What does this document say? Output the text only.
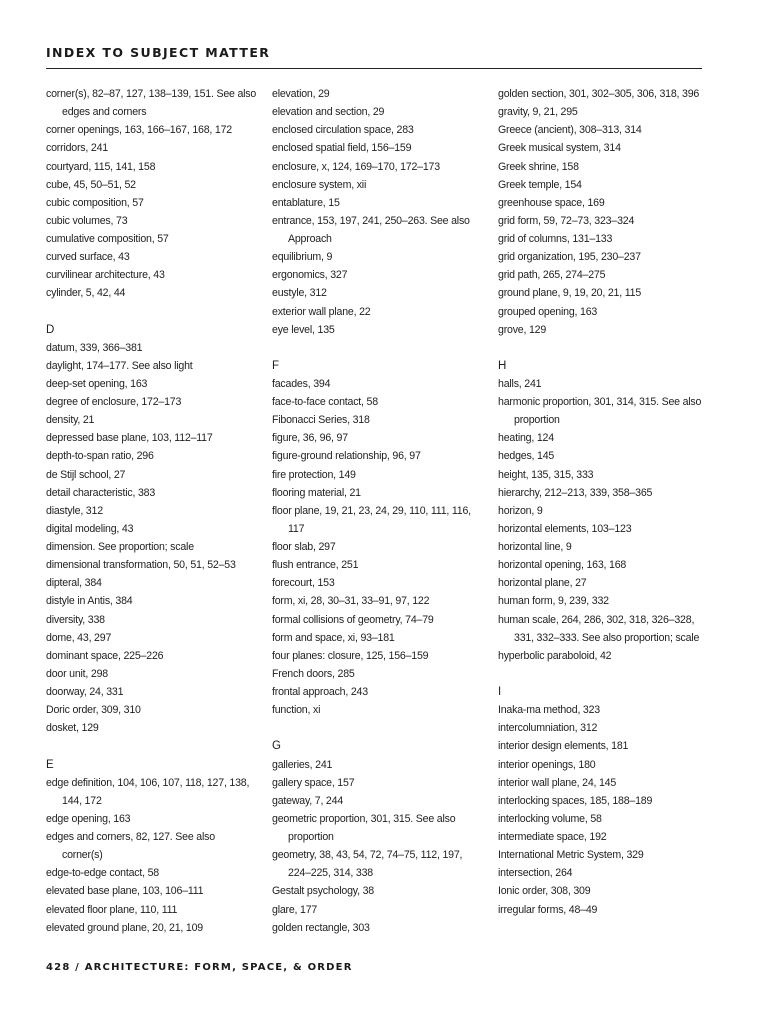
INDEX TO SUBJECT MATTER
corner(s), 82–87, 127, 138–139, 151. See also edges and corners
corner openings, 163, 166–167, 168, 172
corridors, 241
courtyard, 115, 141, 158
cube, 45, 50–51, 52
cubic composition, 57
cubic volumes, 73
cumulative composition, 57
curved surface, 43
curvilinear architecture, 43
cylinder, 5, 42, 44
D
datum, 339, 366–381
daylight, 174–177. See also light
deep-set opening, 163
degree of enclosure, 172–173
density, 21
depressed base plane, 103, 112–117
depth-to-span ratio, 296
de Stijl school, 27
detail characteristic, 383
diastyle, 312
digital modeling, 43
dimension. See proportion; scale
dimensional transformation, 50, 51, 52–53
dipteral, 384
distyle in Antis, 384
diversity, 338
dome, 43, 297
dominant space, 225–226
door unit, 298
doorway, 24, 331
Doric order, 309, 310
dosket, 129
E
edge definition, 104, 106, 107, 118, 127, 138, 144, 172
edge opening, 163
edges and corners, 82, 127. See also corner(s)
edge-to-edge contact, 58
elevated base plane, 103, 106–111
elevated floor plane, 110, 111
elevated ground plane, 20, 21, 109
elevation, 29
elevation and section, 29
enclosed circulation space, 283
enclosed spatial field, 156–159
enclosure, x, 124, 169–170, 172–173
enclosure system, xii
entablature, 15
entrance, 153, 197, 241, 250–263. See also Approach
equilibrium, 9
ergonomics, 327
eustyle, 312
exterior wall plane, 22
eye level, 135
F
facades, 394
face-to-face contact, 58
Fibonacci Series, 318
figure, 36, 96, 97
figure-ground relationship, 96, 97
fire protection, 149
flooring material, 21
floor plane, 19, 21, 23, 24, 29, 110, 111, 116, 117
floor slab, 297
flush entrance, 251
forecourt, 153
form, xi, 28, 30–31, 33–91, 97, 122
formal collisions of geometry, 74–79
form and space, xi, 93–181
four planes: closure, 125, 156–159
French doors, 285
frontal approach, 243
function, xi
G
galleries, 241
gallery space, 157
gateway, 7, 244
geometric proportion, 301, 315. See also proportion
geometry, 38, 43, 54, 72, 74–75, 112, 197, 224–225, 314, 338
Gestalt psychology, 38
glare, 177
golden rectangle, 303
golden section, 301, 302–305, 306, 318, 396
gravity, 9, 21, 295
Greece (ancient), 308–313, 314
Greek musical system, 314
Greek shrine, 158
Greek temple, 154
greenhouse space, 169
grid form, 59, 72–73, 323–324
grid of columns, 131–133
grid organization, 195, 230–237
grid path, 265, 274–275
ground plane, 9, 19, 20, 21, 115
grouped opening, 163
grove, 129
H
halls, 241
harmonic proportion, 301, 314, 315. See also proportion
heating, 124
hedges, 145
height, 135, 315, 333
hierarchy, 212–213, 339, 358–365
horizon, 9
horizontal elements, 103–123
horizontal line, 9
horizontal opening, 163, 168
horizontal plane, 27
human form, 9, 239, 332
human scale, 264, 286, 302, 318, 326–328, 331, 332–333. See also proportion; scale
hyperbolic paraboloid, 42
I
Inaka-ma method, 323
intercolumniation, 312
interior design elements, 181
interior openings, 180
interior wall plane, 24, 145
interlocking spaces, 185, 188–189
interlocking volume, 58
intermediate space, 192
International Metric System, 329
intersection, 264
Ionic order, 308, 309
irregular forms, 48–49
428 / ARCHITECTURE: FORM, SPACE, & ORDER
